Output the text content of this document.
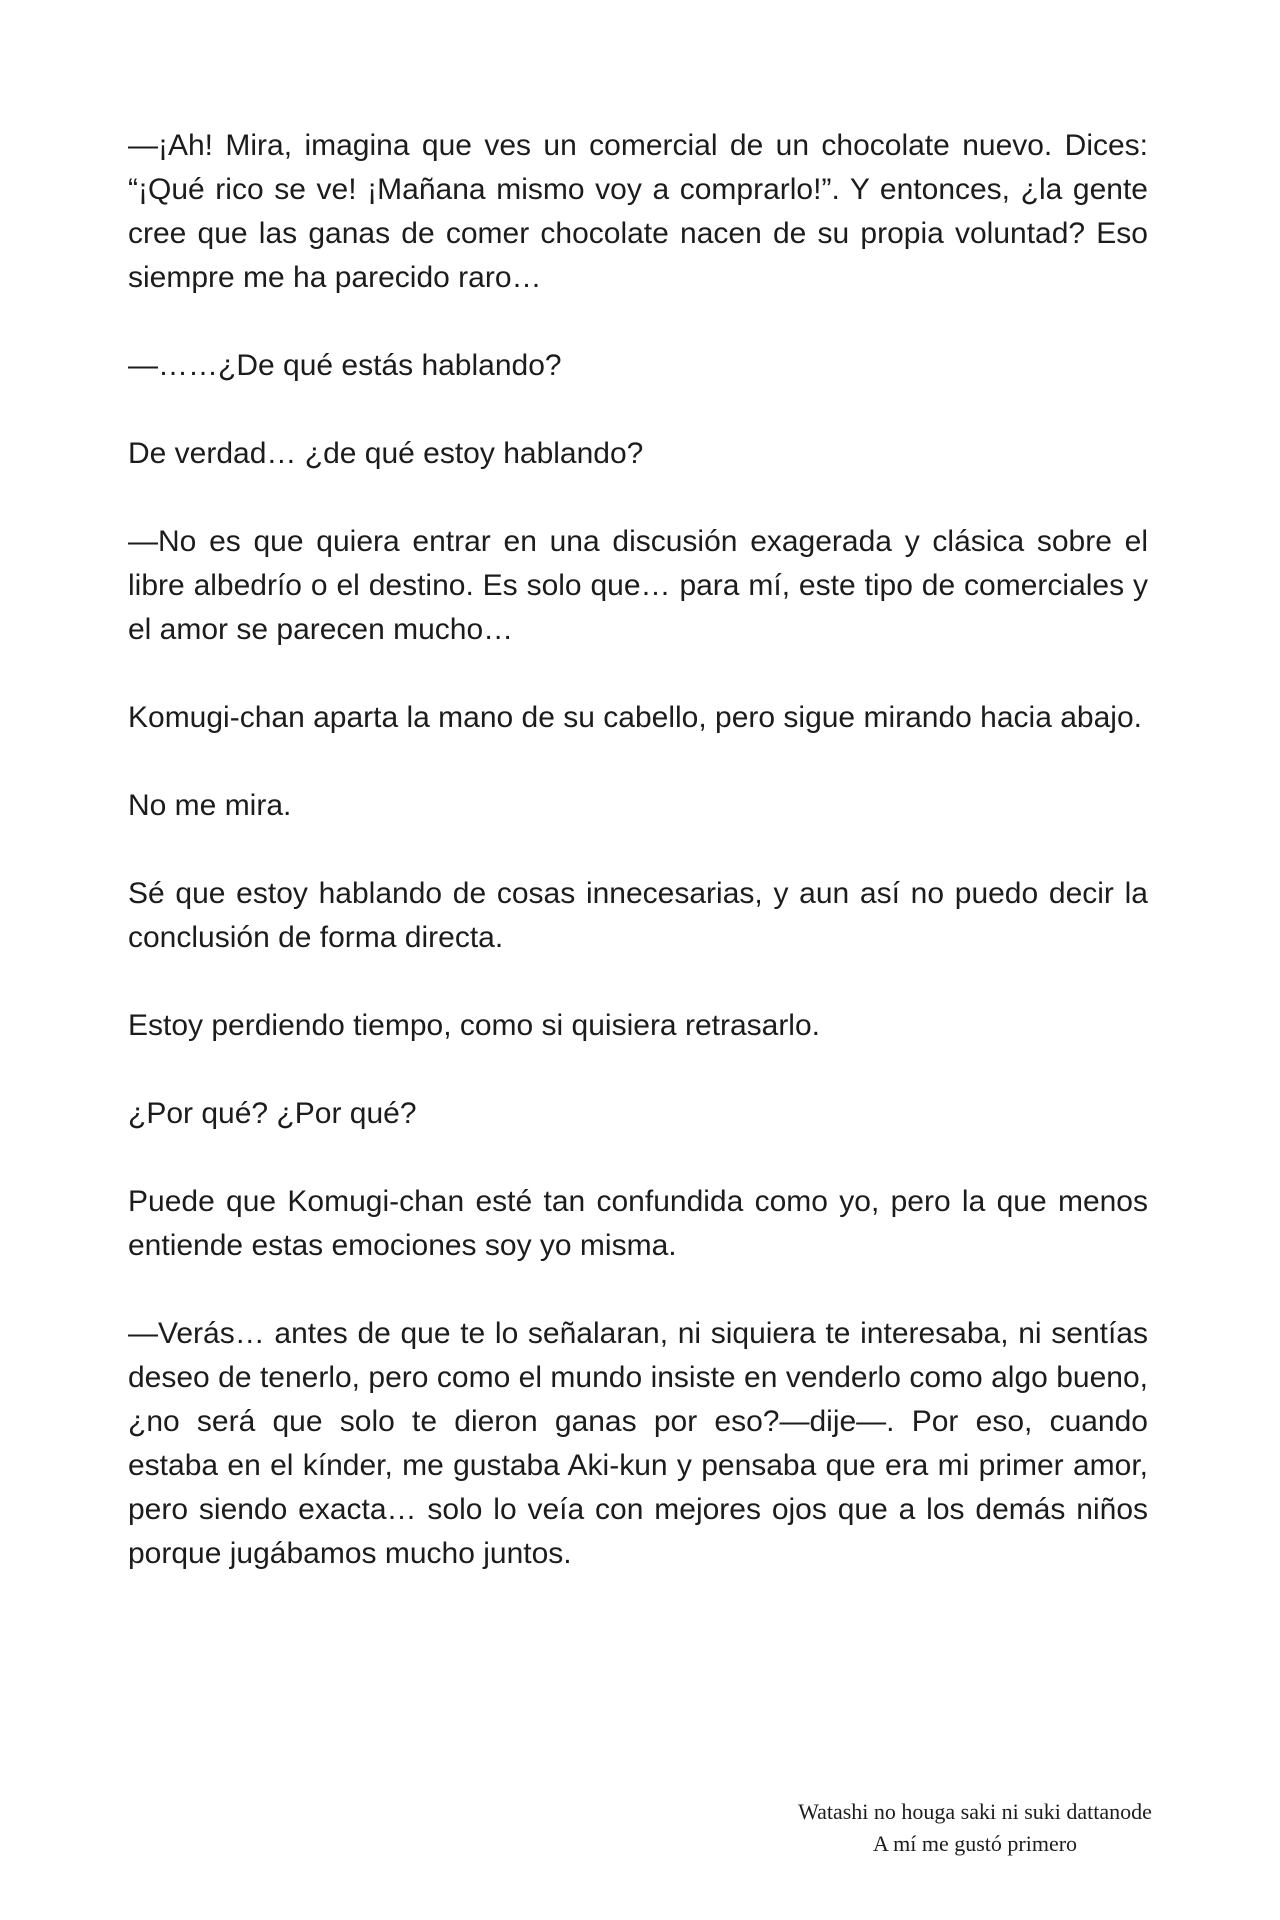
—¡Ah! Mira, imagina que ves un comercial de un chocolate nuevo. Dices: “¡Qué rico se ve! ¡Mañana mismo voy a comprarlo!”. Y entonces, ¿la gente cree que las ganas de comer chocolate nacen de su propia voluntad? Eso siempre me ha parecido raro…

—……¿De qué estás hablando?

De verdad… ¿de qué estoy hablando?

—No es que quiera entrar en una discusión exagerada y clásica sobre el libre albedrío o el destino. Es solo que… para mí, este tipo de comerciales y el amor se parecen mucho…

Komugi-chan aparta la mano de su cabello, pero sigue mirando hacia abajo.

No me mira.

Sé que estoy hablando de cosas innecesarias, y aun así no puedo decir la conclusión de forma directa.

Estoy perdiendo tiempo, como si quisiera retrasarlo.

¿Por qué? ¿Por qué?

Puede que Komugi-chan esté tan confundida como yo, pero la que menos entiende estas emociones soy yo misma.

—Verás… antes de que te lo señalaran, ni siquiera te interesaba, ni sentías deseo de tenerlo, pero como el mundo insiste en venderlo como algo bueno, ¿no será que solo te dieron ganas por eso?—dije—. Por eso, cuando estaba en el kínder, me gustaba Aki-kun y pensaba que era mi primer amor, pero siendo exacta… solo lo veía con mejores ojos que a los demás niños porque jugábamos mucho juntos.

Watashi no houga saki ni suki dattanode
A mí me gustó primero
